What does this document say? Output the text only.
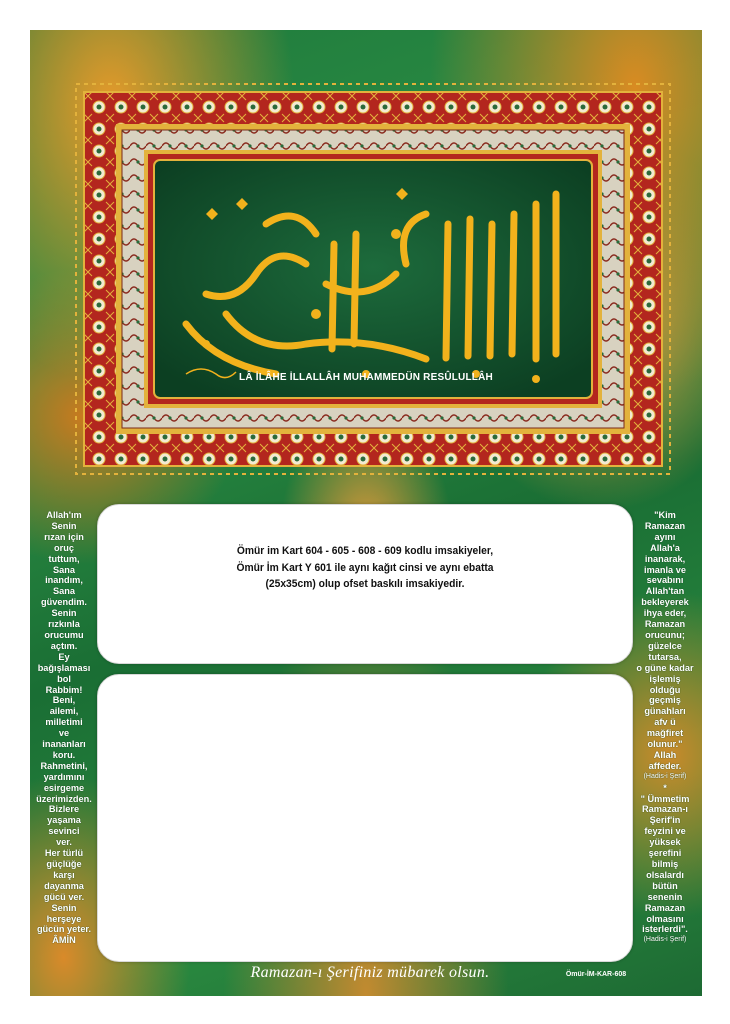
LÂ İLÂHE İLLALLÂH MUHAMMEDÜN RESÛLULLÂH
Allah'ım
Senin
rızan için
oruç
tuttum,
Sana
inandım,
Sana
güvendim.
Senin
rızkınla
orucumu
açtım.
Ey
bağışlaması
bol
Rabbim!
Beni,
ailemi,
milletimi
ve
inananları
koru.
Rahmetini,
yardımını
esirgeme
üzerimizden.
Bizlere
yaşama
sevinci
ver.
Her türlü
güçlüğe
karşı
dayanma
gücü ver.
Senin
herşeye
gücün yeter.
ÂMİN
"Kim
Ramazan
ayını
Allah'a
inanarak,
imanla ve
sevabını
Allah'tan
bekleyerek
ihya eder,
Ramazan
orucunu;
güzelce
tutarsa,
o güne kadar
işlemiş
olduğu
geçmiş
günahları
afv ü
mağfiret
olunur."
Allah
affeder.
(Hadis-i Şerif)
*
" Ümmetim
Ramazan-ı
Şerif'in
feyzini ve
yüksek
şerefini
bilmiş
olsalardı
bütün
senenin
Ramazan
olmasını
isterlerdi".
(Hadis-i Şerif)
Ömür im Kart 604 - 605 - 608 - 609 kodlu imsakiyeler,
Ömür İm Kart Y 601 ile aynı kağıt cinsi ve aynı ebatta
(25x35cm) olup ofset baskılı imsakiyedir.
Ramazan-ı Şerifiniz mübarek olsun.	Ömür-İM-KAR-608
